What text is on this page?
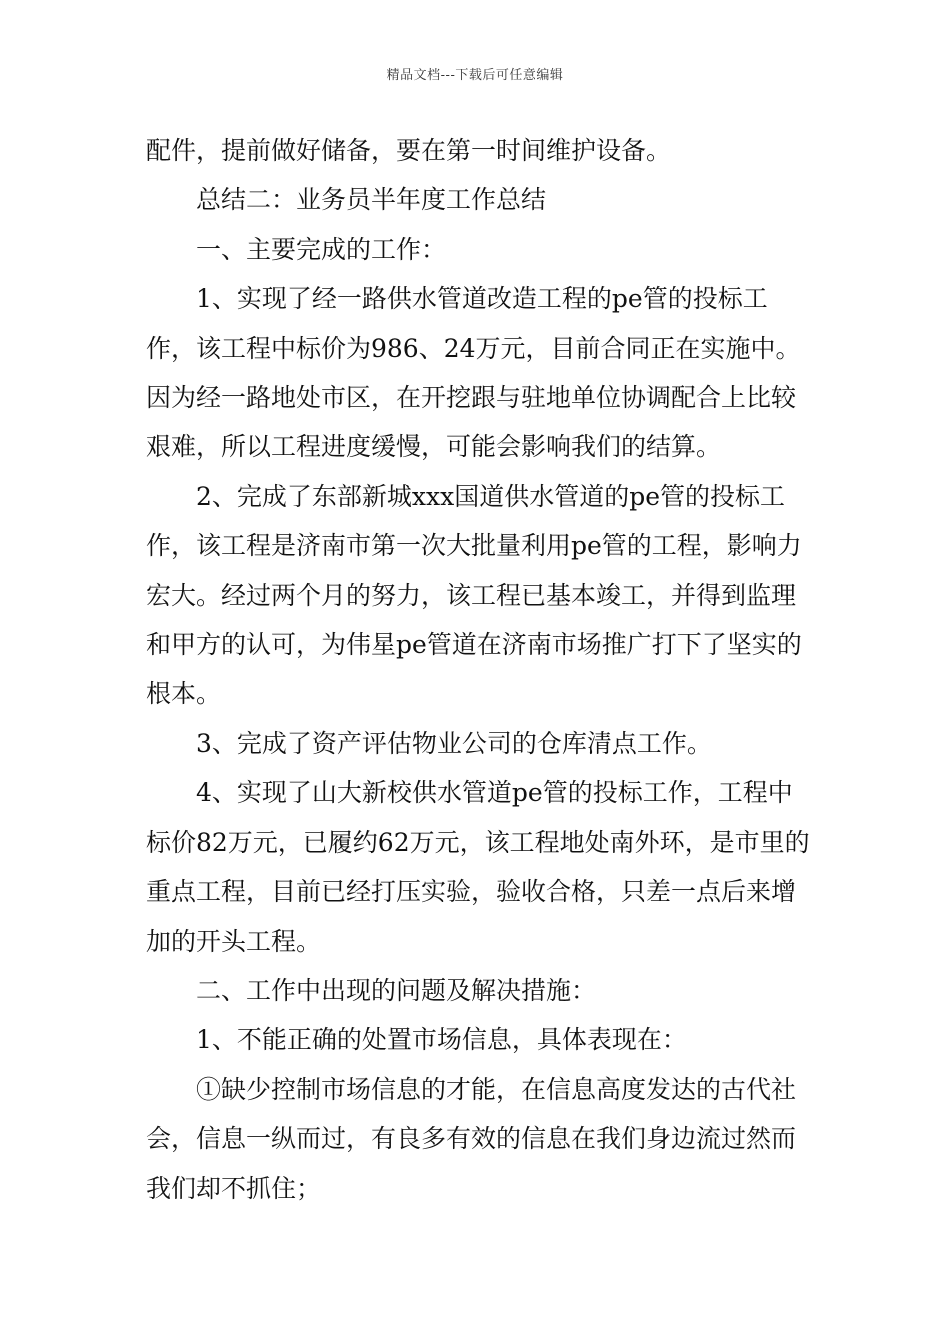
精品文档---下载后可任意编辑

配件，提前做好储备，要在第一时间维护设备。

总结二：业务员半年度工作总结

一、主要完成的工作：

1、实现了经一路供水管道改造工程的pe管的投标工作，该工程中标价为986、24万元，目前合同正在实施中。因为经一路地处市区，在开挖跟与驻地单位协调配合上比较艰难，所以工程进度缓慢，可能会影响我们的结算。

2、完成了东部新城xxx国道供水管道的pe管的投标工作，该工程是济南市第一次大批量利用pe管的工程，影响力宏大。经过两个月的努力，该工程已基本竣工，并得到监理和甲方的认可，为伟星pe管道在济南市场推广打下了坚实的根本。

3、完成了资产评估物业公司的仓库清点工作。

4、实现了山大新校供水管道pe管的投标工作，工程中标价82万元，已履约62万元，该工程地处南外环，是市里的重点工程，目前已经打压实验，验收合格，只差一点后来增加的开头工程。

二、工作中出现的问题及解决措施：

1、不能正确的处置市场信息，具体表现在：

①缺少控制市场信息的才能，在信息高度发达的古代社会，信息一纵而过，有良多有效的信息在我们身边流过然而我们却不抓住；
